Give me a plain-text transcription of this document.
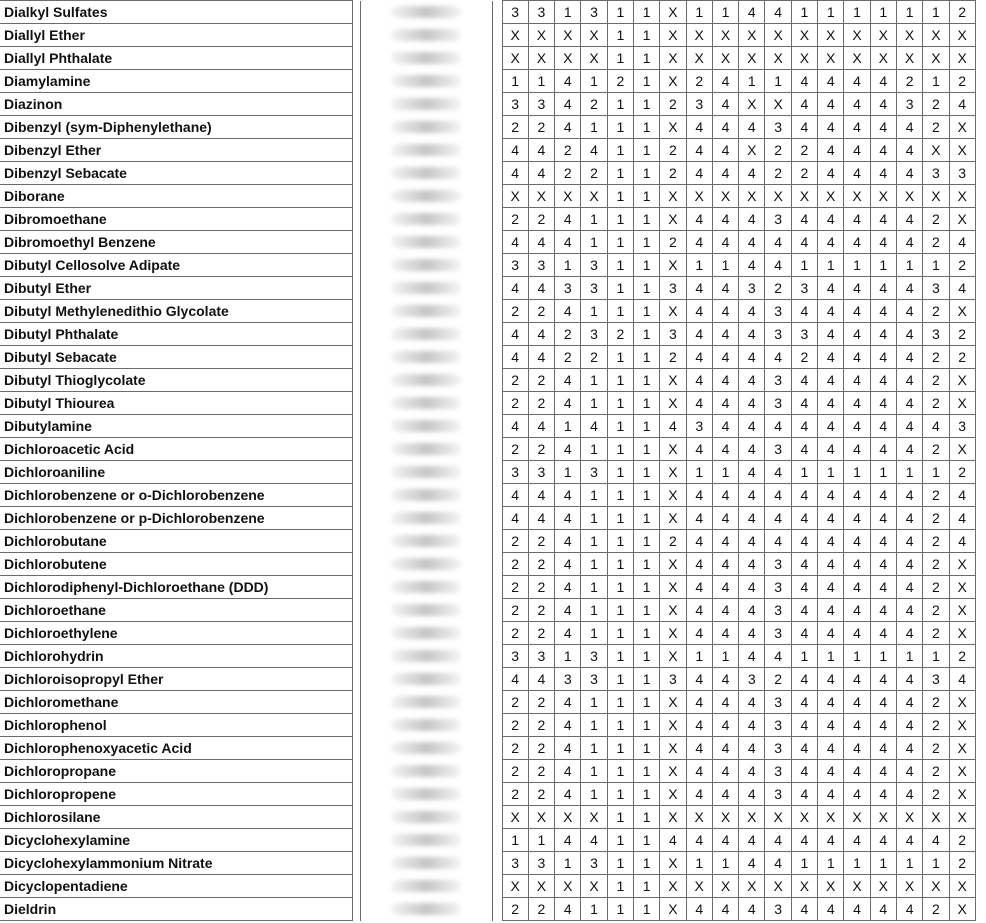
Dialkyl Sulfates				3	3	1	3	1	1	X	1	1	4	4	1	1	1	1	1	1	2
Diallyl Ether				X	X	X	X	1	1	X	X	X	X	X	X	X	X	X	X	X	X
Diallyl Phthalate				X	X	X	X	1	1	X	X	X	X	X	X	X	X	X	X	X	X
Diamylamine				1	1	4	1	2	1	X	2	4	1	1	4	4	4	4	2	1	2
Diazinon				3	3	4	2	1	1	2	3	4	X	X	4	4	4	4	3	2	4
Dibenzyl (sym-Diphenylethane)				2	2	4	1	1	1	X	4	4	4	3	4	4	4	4	4	2	X
Dibenzyl Ether				4	4	2	4	1	1	2	4	4	X	2	2	4	4	4	4	X	X
Dibenzyl Sebacate				4	4	2	2	1	1	2	4	4	4	2	2	4	4	4	4	3	3
Diborane				X	X	X	X	1	1	X	X	X	X	X	X	X	X	X	X	X	X
Dibromoethane				2	2	4	1	1	1	X	4	4	4	3	4	4	4	4	4	2	X
Dibromoethyl Benzene				4	4	4	1	1	1	2	4	4	4	4	4	4	4	4	4	2	4
Dibutyl Cellosolve Adipate				3	3	1	3	1	1	X	1	1	4	4	1	1	1	1	1	1	2
Dibutyl Ether				4	4	3	3	1	1	3	4	4	3	2	3	4	4	4	4	3	4
Dibutyl Methylenedithio Glycolate				2	2	4	1	1	1	X	4	4	4	3	4	4	4	4	4	2	X
Dibutyl Phthalate				4	4	2	3	2	1	3	4	4	4	3	3	4	4	4	4	3	2
Dibutyl Sebacate				4	4	2	2	1	1	2	4	4	4	4	2	4	4	4	4	2	2
Dibutyl Thioglycolate				2	2	4	1	1	1	X	4	4	4	3	4	4	4	4	4	2	X
Dibutyl Thiourea				2	2	4	1	1	1	X	4	4	4	3	4	4	4	4	4	2	X
Dibutylamine				4	4	1	4	1	1	4	3	4	4	4	4	4	4	4	4	4	3
Dichloroacetic Acid				2	2	4	1	1	1	X	4	4	4	3	4	4	4	4	4	2	X
Dichloroaniline				3	3	1	3	1	1	X	1	1	4	4	1	1	1	1	1	1	2
Dichlorobenzene or o-Dichlorobenzene				4	4	4	1	1	1	X	4	4	4	4	4	4	4	4	4	2	4
Dichlorobenzene or p-Dichlorobenzene				4	4	4	1	1	1	X	4	4	4	4	4	4	4	4	4	2	4
Dichlorobutane				2	2	4	1	1	1	2	4	4	4	4	4	4	4	4	4	2	4
Dichlorobutene				2	2	4	1	1	1	X	4	4	4	3	4	4	4	4	4	2	X
Dichlorodiphenyl-Dichloroethane (DDD)				2	2	4	1	1	1	X	4	4	4	3	4	4	4	4	4	2	X
Dichloroethane				2	2	4	1	1	1	X	4	4	4	3	4	4	4	4	4	2	X
Dichloroethylene				2	2	4	1	1	1	X	4	4	4	3	4	4	4	4	4	2	X
Dichlorohydrin				3	3	1	3	1	1	X	1	1	4	4	1	1	1	1	1	1	2
Dichloroisopropyl Ether				4	4	3	3	1	1	3	4	4	3	2	4	4	4	4	4	3	4
Dichloromethane				2	2	4	1	1	1	X	4	4	4	3	4	4	4	4	4	2	X
Dichlorophenol				2	2	4	1	1	1	X	4	4	4	3	4	4	4	4	4	2	X
Dichlorophenoxyacetic Acid				2	2	4	1	1	1	X	4	4	4	3	4	4	4	4	4	2	X
Dichloropropane				2	2	4	1	1	1	X	4	4	4	3	4	4	4	4	4	2	X
Dichloropropene				2	2	4	1	1	1	X	4	4	4	3	4	4	4	4	4	2	X
Dichlorosilane				X	X	X	X	1	1	X	X	X	X	X	X	X	X	X	X	X	X
Dicyclohexylamine				1	1	4	4	1	1	4	4	4	4	4	4	4	4	4	4	4	2
Dicyclohexylammonium Nitrate				3	3	1	3	1	1	X	1	1	4	4	1	1	1	1	1	1	2
Dicyclopentadiene				X	X	X	X	1	1	X	X	X	X	X	X	X	X	X	X	X	X
Dieldrin				2	2	4	1	1	1	X	4	4	4	3	4	4	4	4	4	2	X
